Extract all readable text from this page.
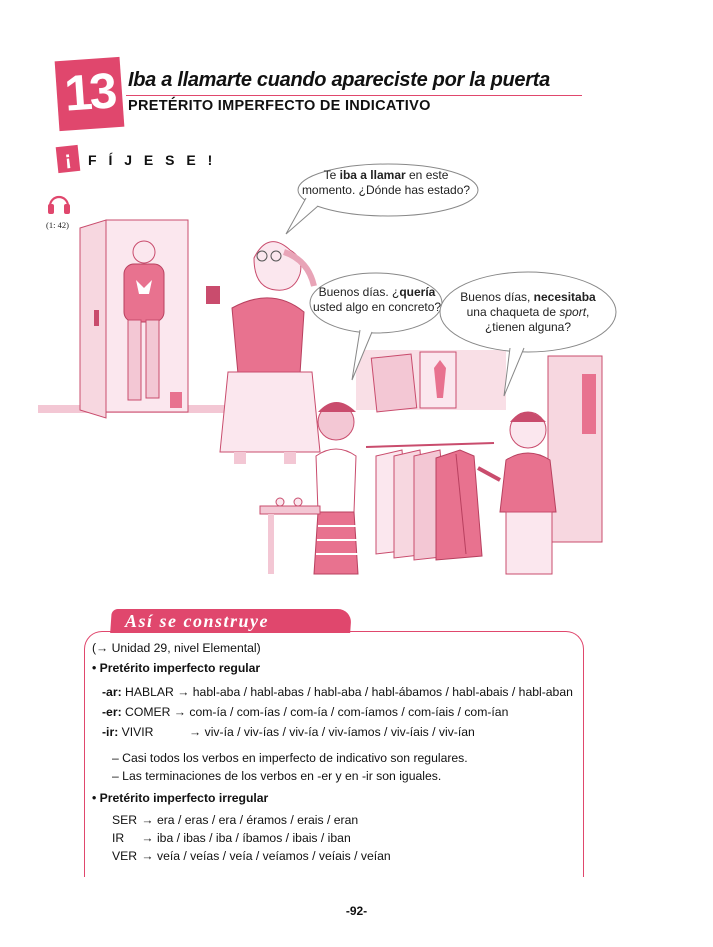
13 Iba a llamarte cuando apareciste por la puerta
PRETÉRITO IMPERFECTO DE INDICATIVO
¡	F Í J E S E !
(1: 42)
Te iba a llamar en este
momento. ¿Dónde has estado?
Buenos días. ¿quería
usted algo en concreto?
Buenos días, necesitaba
una chaqueta de sport,
¿tienen alguna?
Así se construye
(→ Unidad 29, nivel Elemental)
• Pretérito imperfecto regular
-ar: HABLAR → habl-aba / habl-abas / habl-aba / habl-ábamos / habl-abais / habl-aban
-er: COMER → com-ía / com-ías / com-ía / com-íamos / com-íais / com-ían
-ir: VIVIR	→ viv-ía / viv-ías / viv-ía / viv-íamos / viv-íais / viv-ían
– Casi todos los verbos en imperfecto de indicativo son regulares.
– Las terminaciones de los verbos en -er y en -ir son iguales.
• Pretérito imperfecto irregular
SER → era / eras / era / éramos / erais / eran
IR → iba / ibas / iba / íbamos / ibais / iban
VER → veía / veías / veía / veíamos / veíais / veían
-92-
